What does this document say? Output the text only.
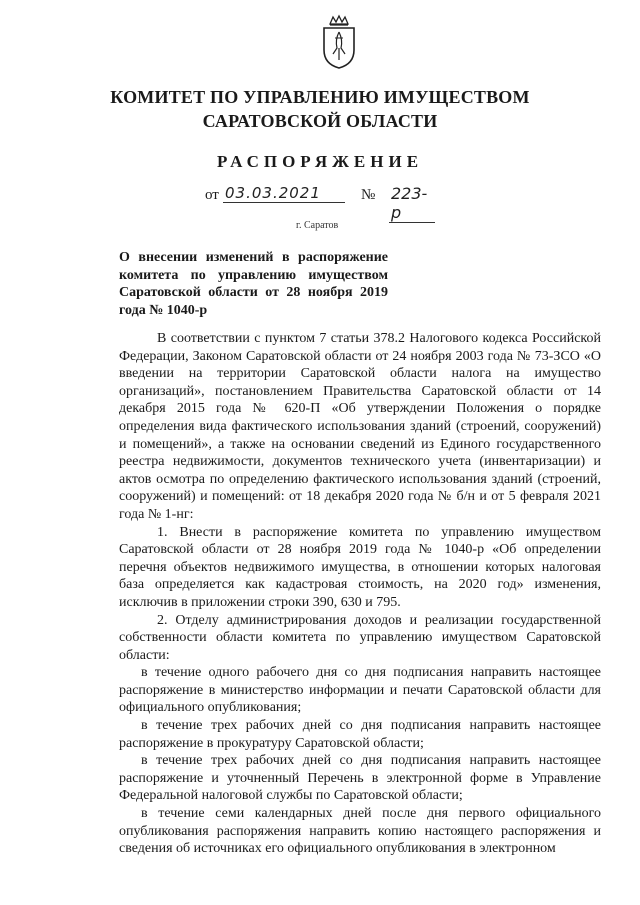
КОМИТЕТ ПО УПРАВЛЕНИЮ ИМУЩЕСТВОМ
САРАТОВСКОЙ ОБЛАСТИ
РАСПОРЯЖЕНИЕ
от 03.03.2021	№ 223-р
г. Саратов
О внесении изменений в распоряжение комитета по управлению имуществом Саратовской области от 28 ноября 2019 года № 1040-р

В соответствии с пунктом 7 статьи 378.2 Налогового кодекса Российской Федерации, Законом Саратовской области от 24 ноября 2003 года № 73-ЗСО «О введении на территории Саратовской области налога на имущество организаций», постановлением Правительства Саратовской области от 14 декабря 2015 года № 620-П «Об утверждении Положения о порядке определения вида фактического использования зданий (строений, сооружений) и помещений», а также на основании сведений из Единого государственного реестра недвижимости, документов технического учета (инвентаризации) и актов осмотра по определению фактического использования зданий (строений, сооружений) и помещений: от 18 декабря 2020 года № б/н и от 5 февраля 2021 года № 1-нг:

1. Внести в распоряжение комитета по управлению имуществом Саратовской области от 28 ноября 2019 года № 1040-р «Об определении перечня объектов недвижимого имущества, в отношении которых налоговая база определяется как кадастровая стоимость, на 2020 год» изменения, исключив в приложении строки 390, 630 и 795.

2. Отделу администрирования доходов и реализации государственной собственности области комитета по управлению имуществом Саратовской области:

в течение одного рабочего дня со дня подписания направить настоящее распоряжение в министерство информации и печати Саратовской области для официального опубликования;

в течение трех рабочих дней со дня подписания направить настоящее распоряжение в прокуратуру Саратовской области;

в течение трех рабочих дней со дня подписания направить настоящее распоряжение и уточненный Перечень в электронной форме в Управление Федеральной налоговой службы по Саратовской области;

в течение семи календарных дней после дня первого официального опубликования распоряжения направить копию настоящего распоряжения и сведения об источниках его официального опубликования в электронном
